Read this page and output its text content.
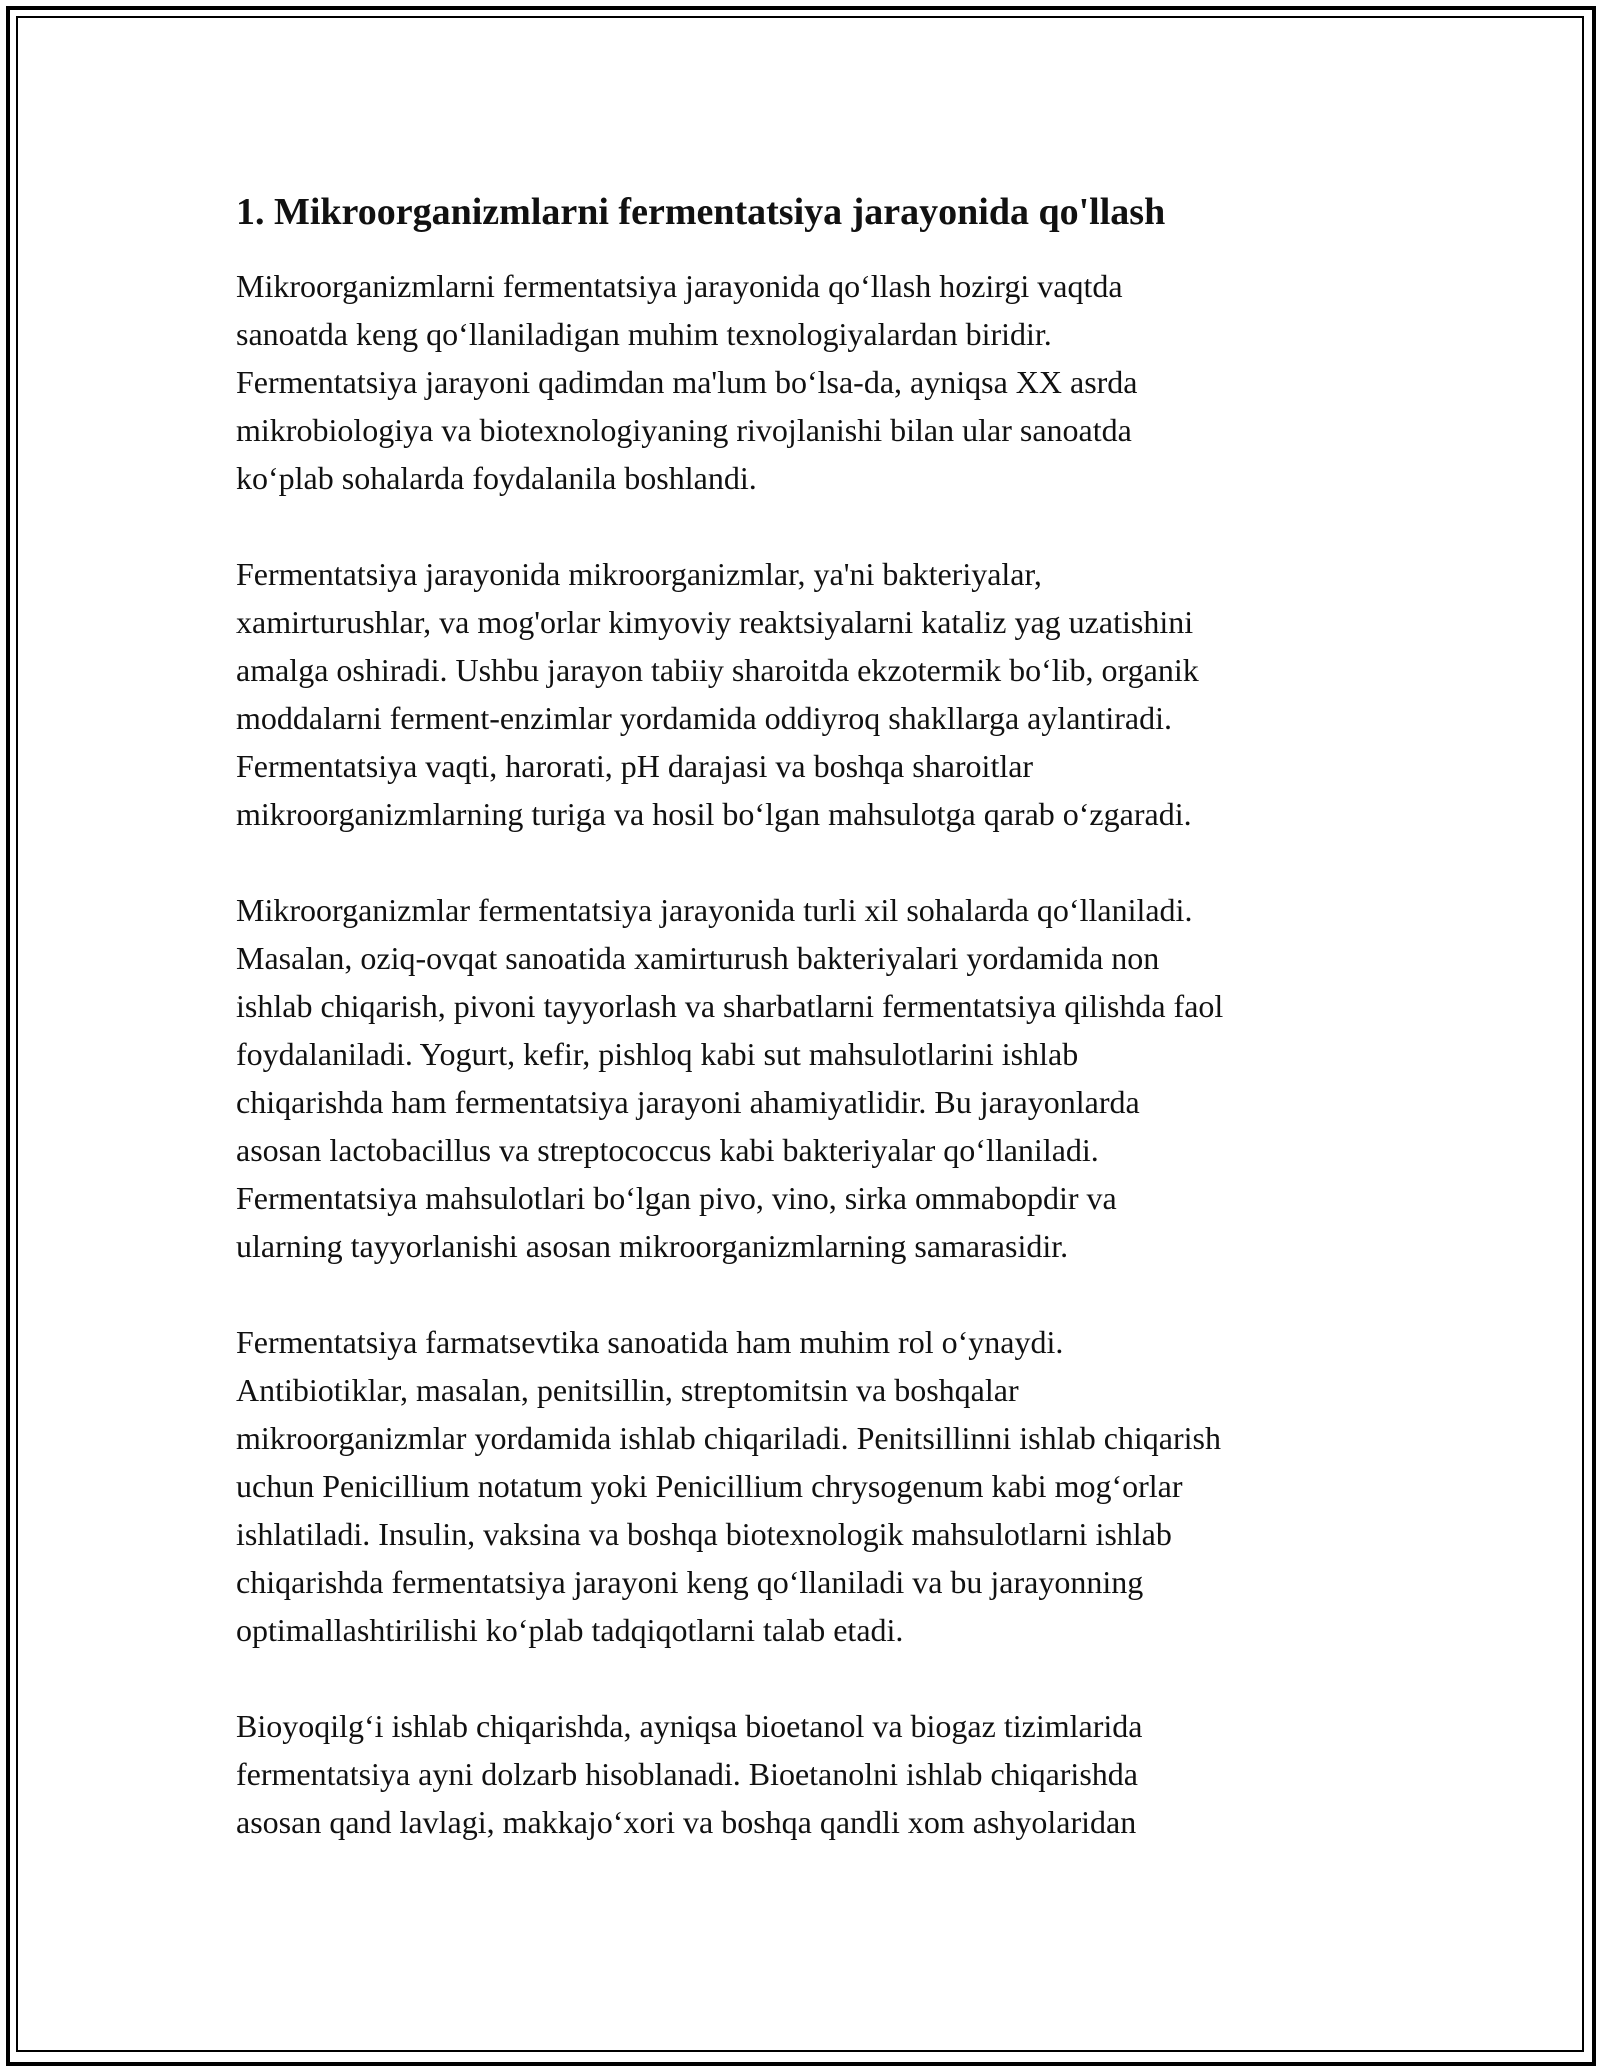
1. Mikroorganizmlarni fermentatsiya jarayonida qo'llash

Mikroorganizmlarni fermentatsiya jarayonida qo‘llash hozirgi vaqtda
sanoatda keng qo‘llaniladigan muhim texnologiyalardan biridir.
Fermentatsiya jarayoni qadimdan ma'lum bo‘lsa-da, ayniqsa XX asrda
mikrobiologiya va biotexnologiyaning rivojlanishi bilan ular sanoatda
ko‘plab sohalarda foydalanila boshlandi.

Fermentatsiya jarayonida mikroorganizmlar, ya'ni bakteriyalar,
xamirturushlar, va mog'orlar kimyoviy reaktsiyalarni kataliz yag uzatishini
amalga oshiradi. Ushbu jarayon tabiiy sharoitda ekzotermik bo‘lib, organik
moddalarni ferment-enzimlar yordamida oddiyroq shakllarga aylantiradi.
Fermentatsiya vaqti, harorati, pH darajasi va boshqa sharoitlar
mikroorganizmlarning turiga va hosil bo‘lgan mahsulotga qarab o‘zgaradi.

Mikroorganizmlar fermentatsiya jarayonida turli xil sohalarda qo‘llaniladi.
Masalan, oziq-ovqat sanoatida xamirturush bakteriyalari yordamida non
ishlab chiqarish, pivoni tayyorlash va sharbatlarni fermentatsiya qilishda faol
foydalaniladi. Yogurt, kefir, pishloq kabi sut mahsulotlarini ishlab
chiqarishda ham fermentatsiya jarayoni ahamiyatlidir. Bu jarayonlarda
asosan lactobacillus va streptococcus kabi bakteriyalar qo‘llaniladi.
Fermentatsiya mahsulotlari bo‘lgan pivo, vino, sirka ommabopdir va
ularning tayyorlanishi asosan mikroorganizmlarning samarasidir.

Fermentatsiya farmatsevtika sanoatida ham muhim rol o‘ynaydi.
Antibiotiklar, masalan, penitsillin, streptomitsin va boshqalar
mikroorganizmlar yordamida ishlab chiqariladi. Penitsillinni ishlab chiqarish
uchun Penicillium notatum yoki Penicillium chrysogenum kabi mog‘orlar
ishlatiladi. Insulin, vaksina va boshqa biotexnologik mahsulotlarni ishlab
chiqarishda fermentatsiya jarayoni keng qo‘llaniladi va bu jarayonning
optimallashtirilishi ko‘plab tadqiqotlarni talab etadi.

Bioyoqilg‘i ishlab chiqarishda, ayniqsa bioetanol va biogaz tizimlarida
fermentatsiya ayni dolzarb hisoblanadi. Bioetanolni ishlab chiqarishda
asosan qand lavlagi, makkajo‘xori va boshqa qandli xom ashyolaridan
